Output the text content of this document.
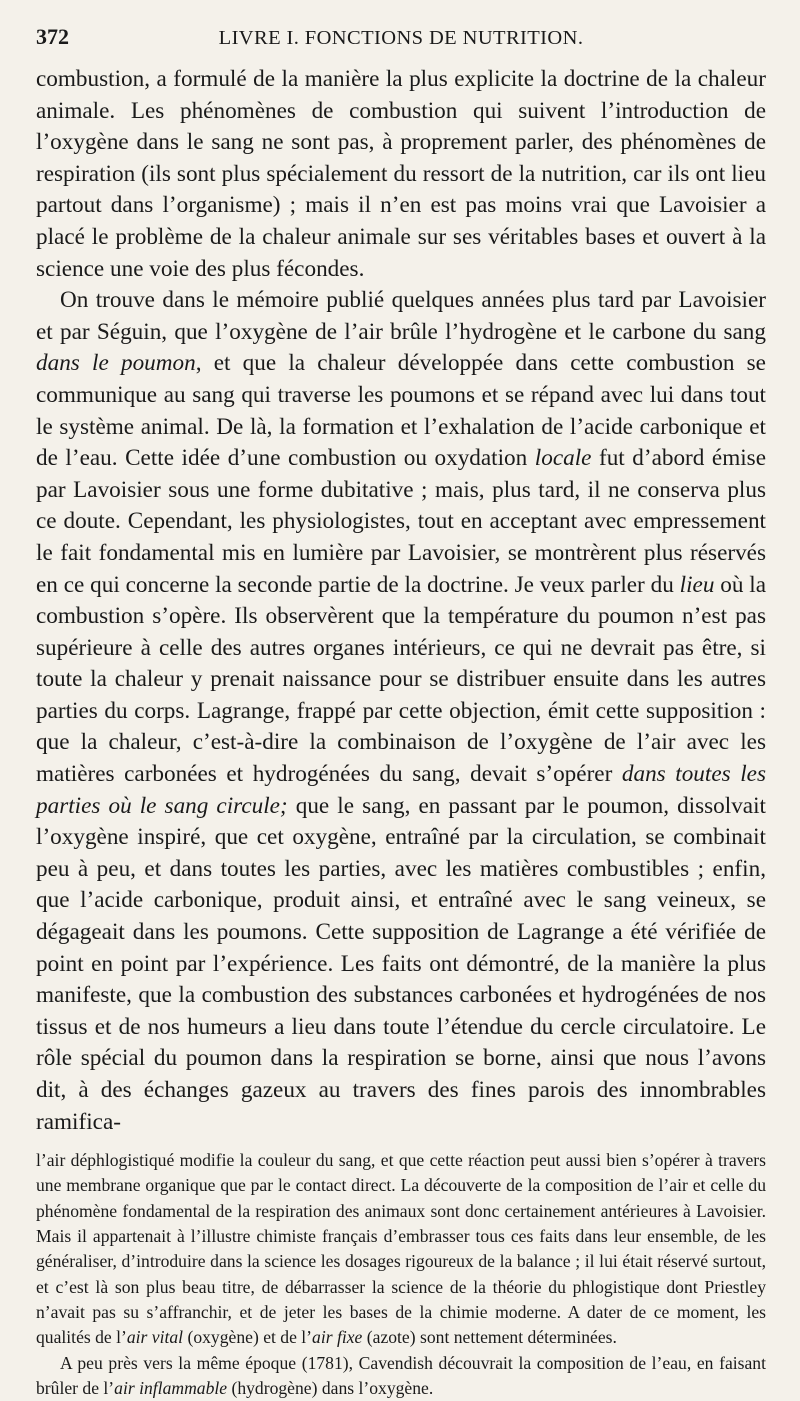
372	LIVRE I. FONCTIONS DE NUTRITION.

combustion, a formulé de la manière la plus explicite la doctrine de la chaleur animale. Les phénomènes de combustion qui suivent l’introduction de l’oxygène dans le sang ne sont pas, à proprement parler, des phénomènes de respiration (ils sont plus spécialement du ressort de la nutrition, car ils ont lieu partout dans l’organisme) ; mais il n’en est pas moins vrai que Lavoisier a placé le problème de la chaleur animale sur ses véritables bases et ouvert à la science une voie des plus fécondes.

On trouve dans le mémoire publié quelques années plus tard par Lavoisier et par Séguin, que l’oxygène de l’air brûle l’hydrogène et le carbone du sang dans le poumon, et que la chaleur développée dans cette combustion se communique au sang qui traverse les poumons et se répand avec lui dans tout le système animal. De là, la formation et l’exhalation de l’acide carbonique et de l’eau. Cette idée d’une combustion ou oxydation locale fut d’abord émise par Lavoisier sous une forme dubitative ; mais, plus tard, il ne conserva plus ce doute. Cependant, les physiologistes, tout en acceptant avec empressement le fait fondamental mis en lumière par Lavoisier, se montrèrent plus réservés en ce qui concerne la seconde partie de la doctrine. Je veux parler du lieu où la combustion s’opère. Ils observèrent que la température du poumon n’est pas supérieure à celle des autres organes intérieurs, ce qui ne devrait pas être, si toute la chaleur y prenait naissance pour se distribuer ensuite dans les autres parties du corps. Lagrange, frappé par cette objection, émit cette supposition : que la chaleur, c’est-à-dire la combinaison de l’oxygène de l’air avec les matières carbonées et hydrogénées du sang, devait s’opérer dans toutes les parties où le sang circule; que le sang, en passant par le poumon, dissolvait l’oxygène inspiré, que cet oxygène, entraîné par la circulation, se combinait peu à peu, et dans toutes les parties, avec les matières combustibles ; enfin, que l’acide carbonique, produit ainsi, et entraîné avec le sang veineux, se dégageait dans les poumons. Cette supposition de Lagrange a été vérifiée de point en point par l’expérience. Les faits ont démontré, de la manière la plus manifeste, que la combustion des substances carbonées et hydrogénées de nos tissus et de nos humeurs a lieu dans toute l’étendue du cercle circulatoire. Le rôle spécial du poumon dans la respiration se borne, ainsi que nous l’avons dit, à des échanges gazeux au travers des fines parois des innombrables ramifica-

l’air déphlogistiqué modifie la couleur du sang, et que cette réaction peut aussi bien s’opérer à travers une membrane organique que par le contact direct. La découverte de la composition de l’air et celle du phénomène fondamental de la respiration des animaux sont donc certainement antérieures à Lavoisier. Mais il appartenait à l’illustre chimiste français d’embrasser tous ces faits dans leur ensemble, de les généraliser, d’introduire dans la science les dosages rigoureux de la balance ; il lui était réservé surtout, et c’est là son plus beau titre, de débarrasser la science de la théorie du phlogistique dont Priestley n’avait pas su s’affranchir, et de jeter les bases de la chimie moderne. A dater de ce moment, les qualités de l’air vital (oxygène) et de l’air fixe (azote) sont nettement déterminées.

A peu près vers la même époque (1781), Cavendish découvrait la composition de l’eau, en faisant brûler de l’air inflammable (hydrogène) dans l’oxygène.
